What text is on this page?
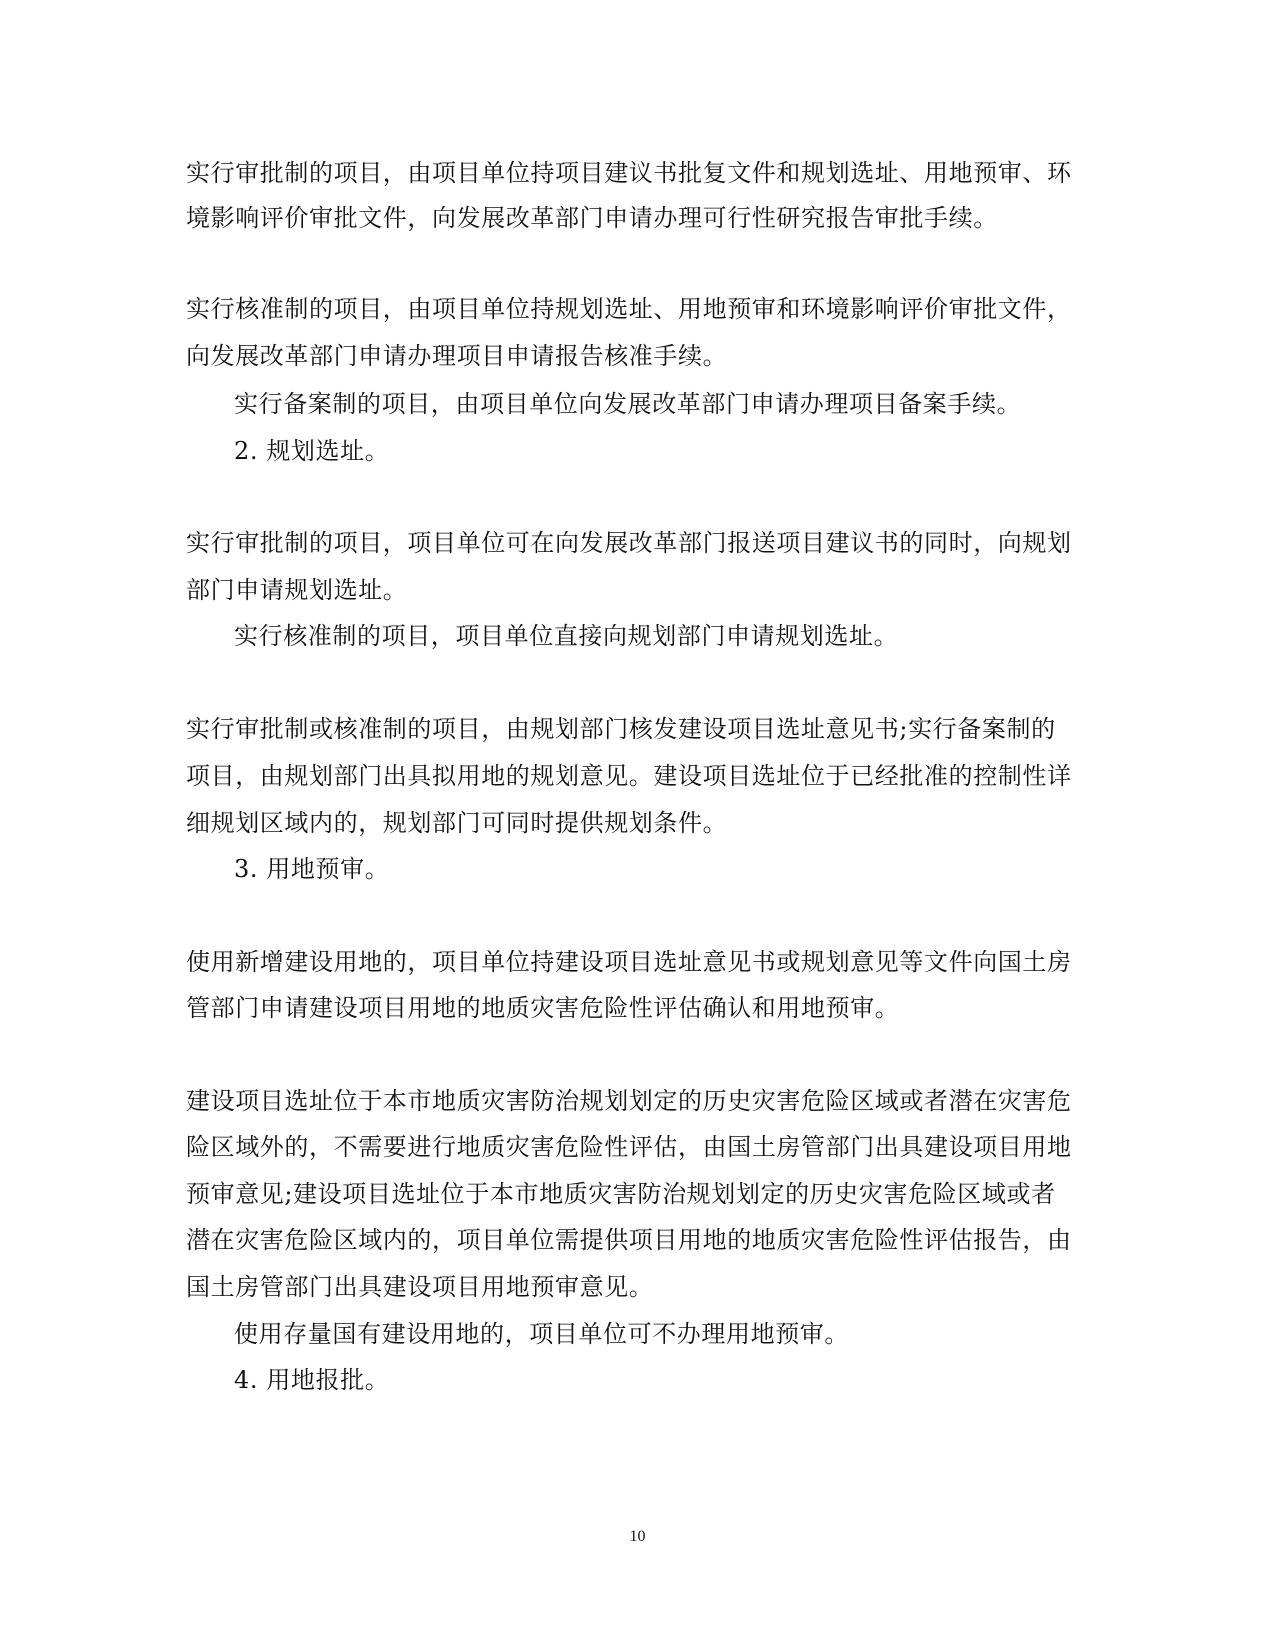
实行审批制的项目，由项目单位持项目建议书批复文件和规划选址、用地预审、环
境影响评价审批文件，向发展改革部门申请办理可行性研究报告审批手续。
实行核准制的项目，由项目单位持规划选址、用地预审和环境影响评价审批文件，
向发展改革部门申请办理项目申请报告核准手续。
实行备案制的项目，由项目单位向发展改革部门申请办理项目备案手续。
2. 规划选址。
实行审批制的项目，项目单位可在向发展改革部门报送项目建议书的同时，向规划
部门申请规划选址。
实行核准制的项目，项目单位直接向规划部门申请规划选址。
实行审批制或核准制的项目，由规划部门核发建设项目选址意见书;实行备案制的
项目，由规划部门出具拟用地的规划意见。建设项目选址位于已经批准的控制性详
细规划区域内的，规划部门可同时提供规划条件。
3. 用地预审。
使用新增建设用地的，项目单位持建设项目选址意见书或规划意见等文件向国土房
管部门申请建设项目用地的地质灾害危险性评估确认和用地预审。
建设项目选址位于本市地质灾害防治规划划定的历史灾害危险区域或者潜在灾害危
险区域外的，不需要进行地质灾害危险性评估，由国土房管部门出具建设项目用地
预审意见;建设项目选址位于本市地质灾害防治规划划定的历史灾害危险区域或者
潜在灾害危险区域内的，项目单位需提供项目用地的地质灾害危险性评估报告，由
国土房管部门出具建设项目用地预审意见。
使用存量国有建设用地的，项目单位可不办理用地预审。
4. 用地报批。
10
